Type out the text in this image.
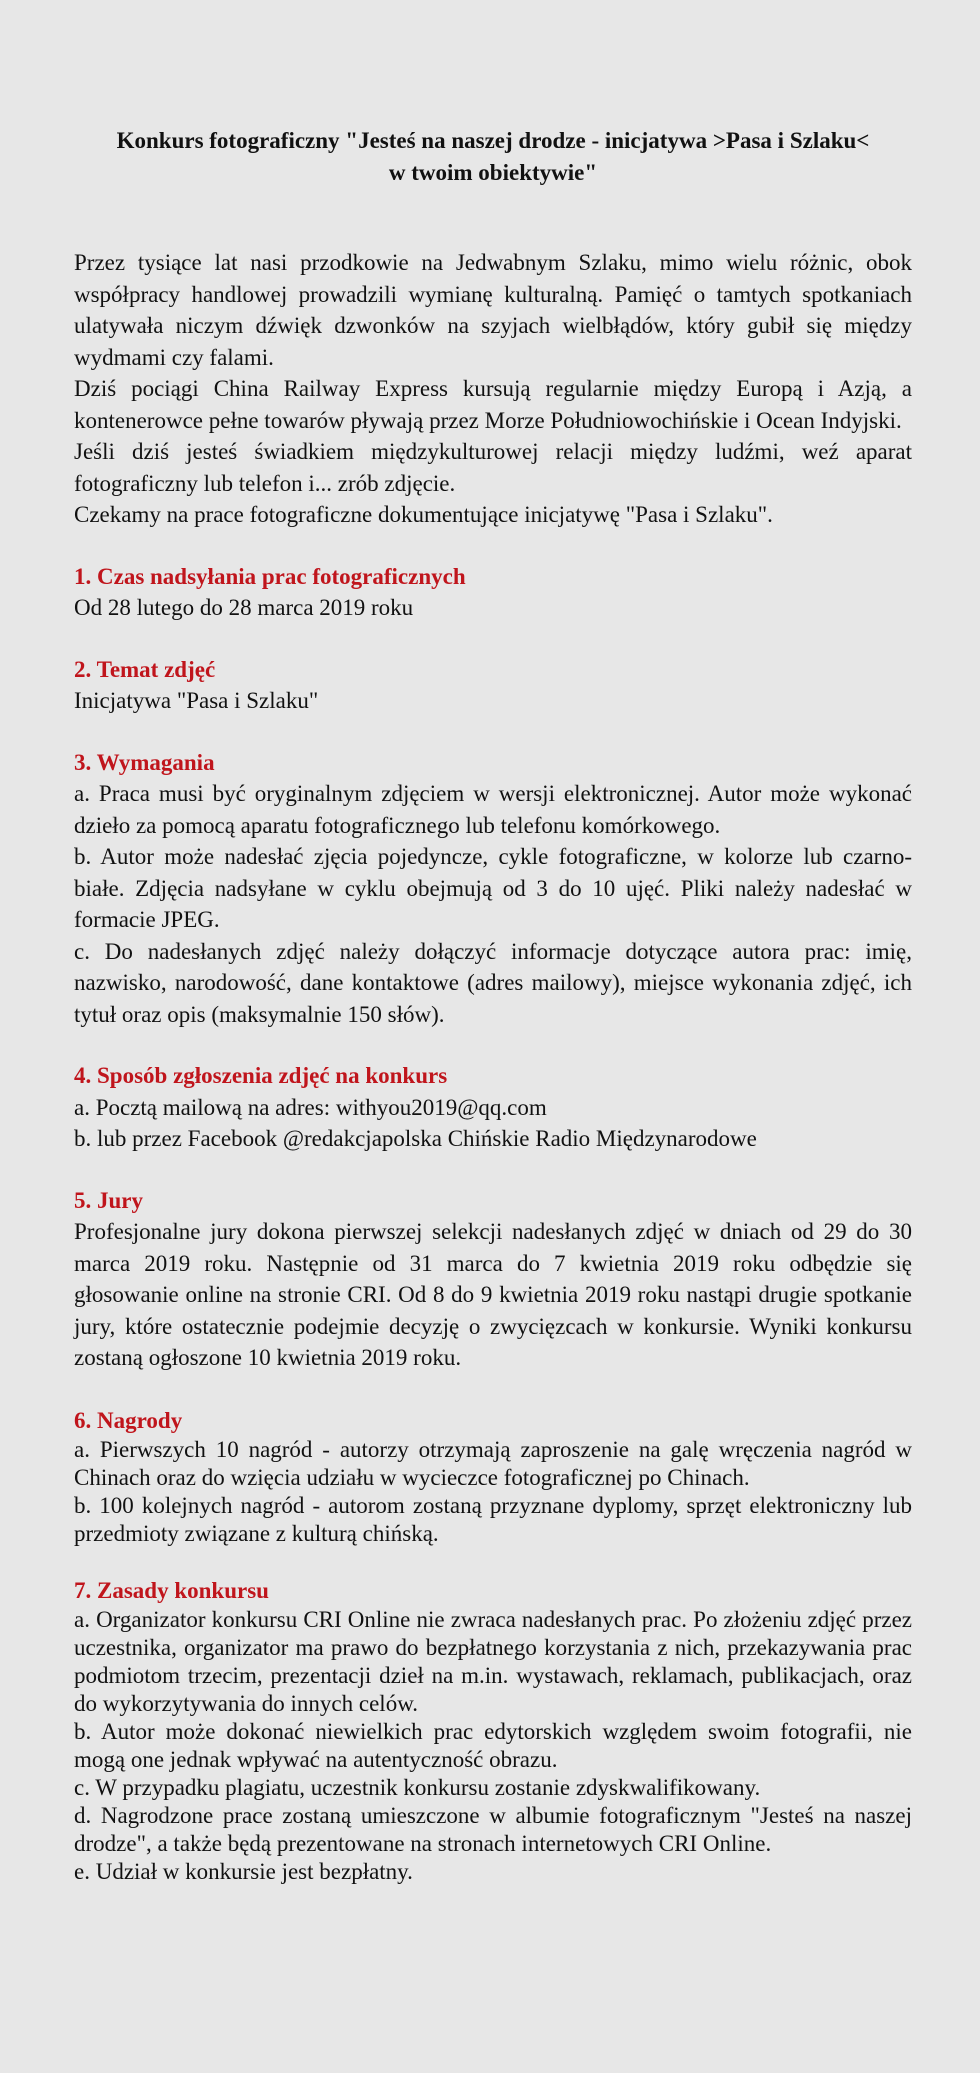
Konkurs fotograficzny "Jesteś na naszej drodze - inicjatywa >Pasa i Szlaku< w twoim obiektywie"

Przez tysiące lat nasi przodkowie na Jedwabnym Szlaku, mimo wielu różnic, obok współpracy handlowej prowadzili wymianę kulturalną. Pamięć o tamtych spotkaniach ulatywała niczym dźwięk dzwonków na szyjach wielbłądów, który gubił się między wydmami czy falami.

Dziś pociągi China Railway Express kursują regularnie między Europą i Azją, a kontenerowce pełne towarów pływają przez Morze Południowochińskie i Ocean Indyjski.

Jeśli dziś jesteś świadkiem międzykulturowej relacji między ludźmi, weź aparat fotograficzny lub telefon i... zrób zdjęcie.

Czekamy na prace fotograficzne dokumentujące inicjatywę "Pasa i Szlaku".

1. Czas nadsyłania prac fotograficznych

Od 28 lutego do 28 marca 2019 roku

2. Temat zdjęć

Inicjatywa "Pasa i Szlaku"

3. Wymagania

a. Praca musi być oryginalnym zdjęciem w wersji elektronicznej. Autor może wykonać dzieło za pomocą aparatu fotograficznego lub telefonu komórkowego.

b. Autor może nadesłać zjęcia pojedyncze, cykle fotograficzne, w kolorze lub czarno-białe. Zdjęcia nadsyłane w cyklu obejmują od 3 do 10 ujęć. Pliki należy nadesłać w formacie JPEG.

c. Do nadesłanych zdjęć należy dołączyć informacje dotyczące autora prac: imię, nazwisko, narodowość, dane kontaktowe (adres mailowy), miejsce wykonania zdjęć, ich tytuł oraz opis (maksymalnie 150 słów).

4. Sposób zgłoszenia zdjęć na konkurs

a. Pocztą mailową na adres: withyou2019@qq.com

b. lub przez Facebook @redakcjapolska Chińskie Radio Międzynarodowe

5. Jury

Profesjonalne jury dokona pierwszej selekcji nadesłanych zdjęć w dniach od 29 do 30 marca 2019 roku. Następnie od 31 marca do 7 kwietnia 2019 roku odbędzie się głosowanie online na stronie CRI. Od 8 do 9 kwietnia 2019 roku nastąpi drugie spotkanie jury, które ostatecznie podejmie decyzję o zwycięzcach w konkursie. Wyniki konkursu zostaną ogłoszone 10 kwietnia 2019 roku.

6. Nagrody

a. Pierwszych 10 nagród - autorzy otrzymają zaproszenie na galę wręczenia nagród w Chinach oraz do wzięcia udziału w wycieczce fotograficznej po Chinach.

b. 100 kolejnych nagród - autorom zostaną przyznane dyplomy, sprzęt elektroniczny lub przedmioty związane z kulturą chińską.

7. Zasady konkursu

a. Organizator konkursu CRI Online nie zwraca nadesłanych prac. Po złożeniu zdjęć przez uczestnika, organizator ma prawo do bezpłatnego korzystania z nich, przekazywania prac podmiotom trzecim, prezentacji dzieł na m.in. wystawach, reklamach, publikacjach, oraz do wykorzytywania do innych celów.

b. Autor może dokonać niewielkich prac edytorskich względem swoim fotografii, nie mogą one jednak wpływać na autentyczność obrazu.

c. W przypadku plagiatu, uczestnik konkursu zostanie zdyskwalifikowany.

d. Nagrodzone prace zostaną umieszczone w albumie fotograficznym "Jesteś na naszej drodze", a także będą prezentowane na stronach internetowych CRI Online.

e. Udział w konkursie jest bezpłatny.
